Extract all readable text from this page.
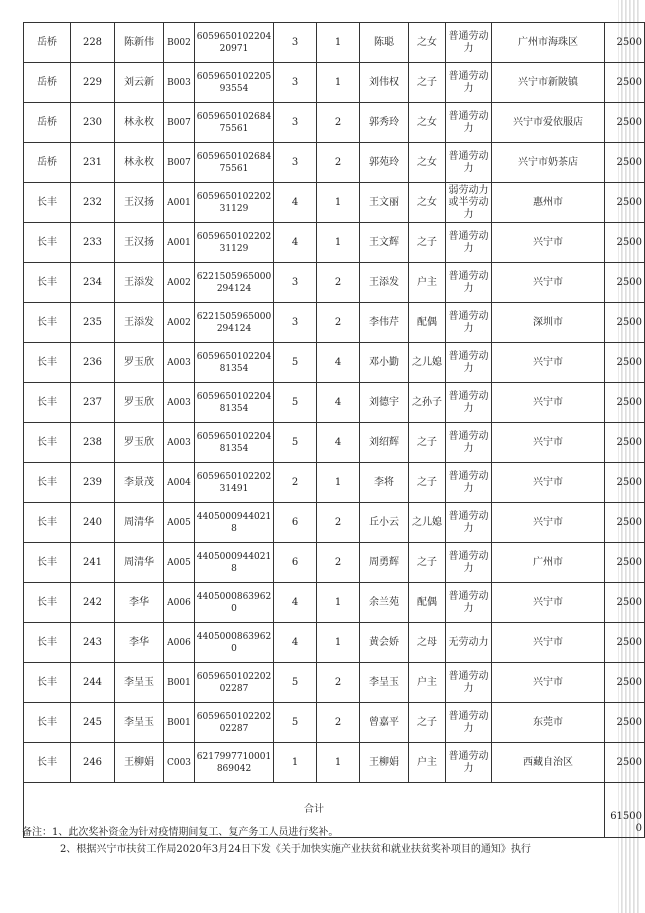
岳桥	228	陈新伟	B002	605965010220420971	3	1	陈聪	之女	普通劳动力	广州市海珠区	2500
岳桥	229	刘云新	B003	605965010220593554	3	1	刘伟权	之子	普通劳动力	兴宁市新陂镇	2500
岳桥	230	林永枚	B007	605965010268475561	3	2	郭秀玲	之女	普通劳动力	兴宁市爱依服店	2500
岳桥	231	林永枚	B007	605965010268475561	3	2	郭苑玲	之女	普通劳动力	兴宁市奶茶店	2500
长丰	232	王汉扬	A001	605965010220231129	4	1	王文丽	之女	弱劳动力或半劳动力	惠州市	2500
长丰	233	王汉扬	A001	605965010220231129	4	1	王文辉	之子	普通劳动力	兴宁市	2500
长丰	234	王添发	A002	6221505965000294124	3	2	王添发	户主	普通劳动力	兴宁市	2500
长丰	235	王添发	A002	6221505965000294124	3	2	李伟芹	配偶	普通劳动力	深圳市	2500
长丰	236	罗玉欣	A003	605965010220481354	5	4	邓小勤	之儿媳	普通劳动力	兴宁市	2500
长丰	237	罗玉欣	A003	605965010220481354	5	4	刘德宇	之孙子	普通劳动力	兴宁市	2500
长丰	238	罗玉欣	A003	605965010220481354	5	4	刘绍辉	之子	普通劳动力	兴宁市	2500
长丰	239	李景茂	A004	605965010220231491	2	1	李将	之子	普通劳动力	兴宁市	2500
长丰	240	周清华	A005	44050009440218	6	2	丘小云	之儿媳	普通劳动力	兴宁市	2500
长丰	241	周清华	A005	44050009440218	6	2	周勇辉	之子	普通劳动力	广州市	2500
长丰	242	李华	A006	44050008639620	4	1	余兰苑	配偶	普通劳动力	兴宁市	2500
长丰	243	李华	A006	44050008639620	4	1	黄会娇	之母	无劳动力	兴宁市	2500
长丰	244	李呈玉	B001	605965010220202287	5	2	李呈玉	户主	普通劳动力	兴宁市	2500
长丰	245	李呈玉	B001	605965010220202287	5	2	曾嘉平	之子	普通劳动力	东莞市	2500
长丰	246	王柳娟	C003	6217997710001869042	1	1	王柳娟	户主	普通劳动力	西藏自治区	2500
合计											615000
备注：1、此次奖补资金为针对疫情期间复工、复产务工人员进行奖补。
2、根据兴宁市扶贫工作局2020年3月24日下发《关于加快实施产业扶贫和就业扶贫奖补项目的通知》执行
